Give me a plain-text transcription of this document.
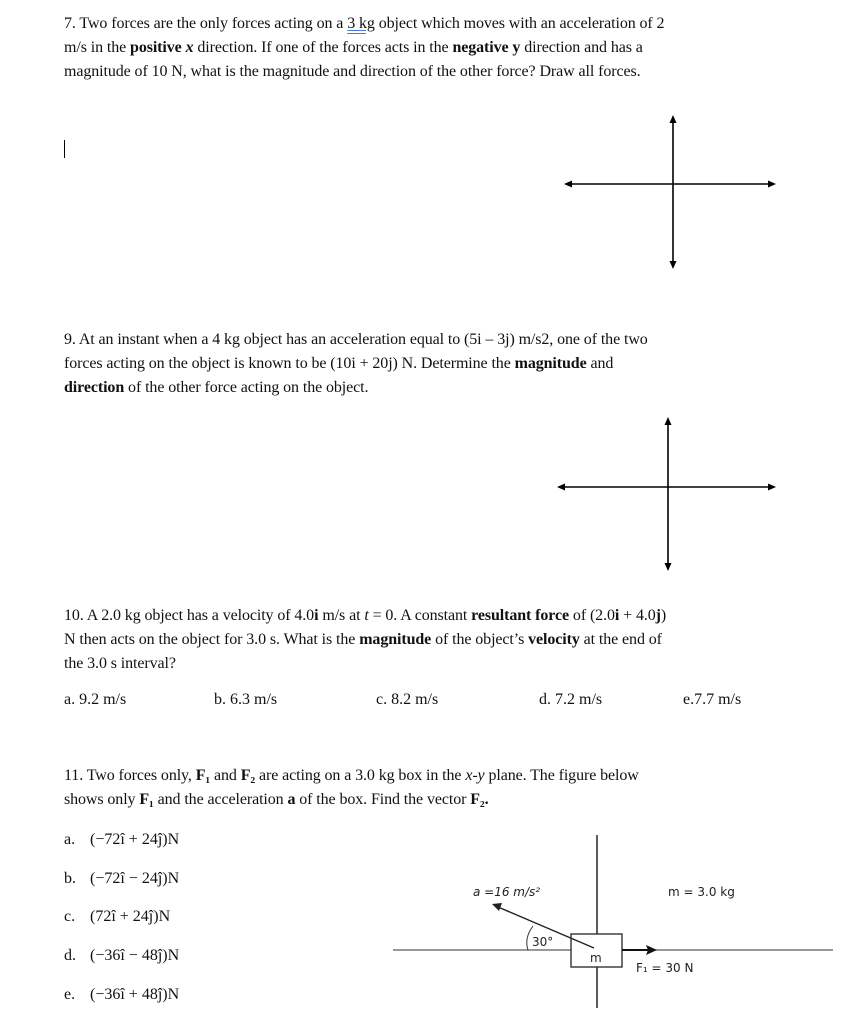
7. Two forces are the only forces acting on a 3 kg object which moves with an acceleration of 2
m/s in the positive x direction. If one of the forces acts in the negative y direction and has a
magnitude of 10 N, what is the magnitude and direction of the other force? Draw all forces.
9. At an instant when a 4 kg object has an acceleration equal to (5i – 3j) m/s2, one of the two
forces acting on the object is known to be (10i + 20j) N. Determine the magnitude and
direction of the other force acting on the object.
10. A 2.0 kg object has a velocity of 4.0i m/s at t = 0. A constant resultant force of (2.0i + 4.0j)
N then acts on the object for 3.0 s. What is the magnitude of the object’s velocity at the end of
the 3.0 s interval?
a. 9.2 m/s	b. 6.3 m/s	c. 8.2 m/s	d. 7.2 m/s	e.7.7 m/s
11. Two forces only, F₁ and F₂ are acting on a 3.0 kg box in the x-y plane. The figure below
shows only F₁ and the acceleration a of the box. Find the vector F₂.
a. (−72î + 24ĵ)N
b. (−72î − 24ĵ)N
c. (72î + 24ĵ)N
d. (−36î − 48ĵ)N
e. (−36î + 48ĵ)N
a =16 m/s²	m = 3.0 kg
30°
m
F₁ = 30 N
